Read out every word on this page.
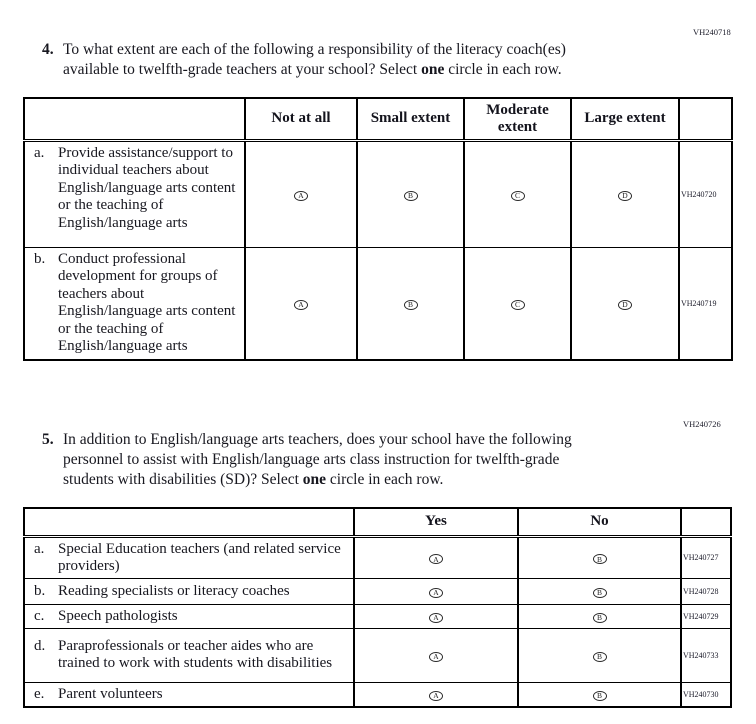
VH240718
4. To what extent are each of the following a responsibility of the literacy coach(es)
available to twelfth-grade teachers at your school? Select one circle in each row.
	Not at all	Small extent	Moderate extent	Large extent	

a. Provide assistance/support to individual teachers about English/language arts content or the teaching of English/language arts	A	B	C	D	VH240720

b. Conduct professional development for groups of teachers about English/language arts content or the teaching of English/language arts	A	B	C	D	VH240719
VH240726
5. In addition to English/language arts teachers, does your school have the following
personnel to assist with English/language arts class instruction for twelfth-grade
students with disabilities (SD)? Select one circle in each row.
	Yes	No	

a. Special Education teachers (and related service providers)	A	B	VH240727

b. Reading specialists or literacy coaches	A	B	VH240728

c. Speech pathologists	A	B	VH240729

d. Paraprofessionals or teacher aides who are trained to work with students with disabilities	A	B	VH240733

e. Parent volunteers	A	B	VH240730
